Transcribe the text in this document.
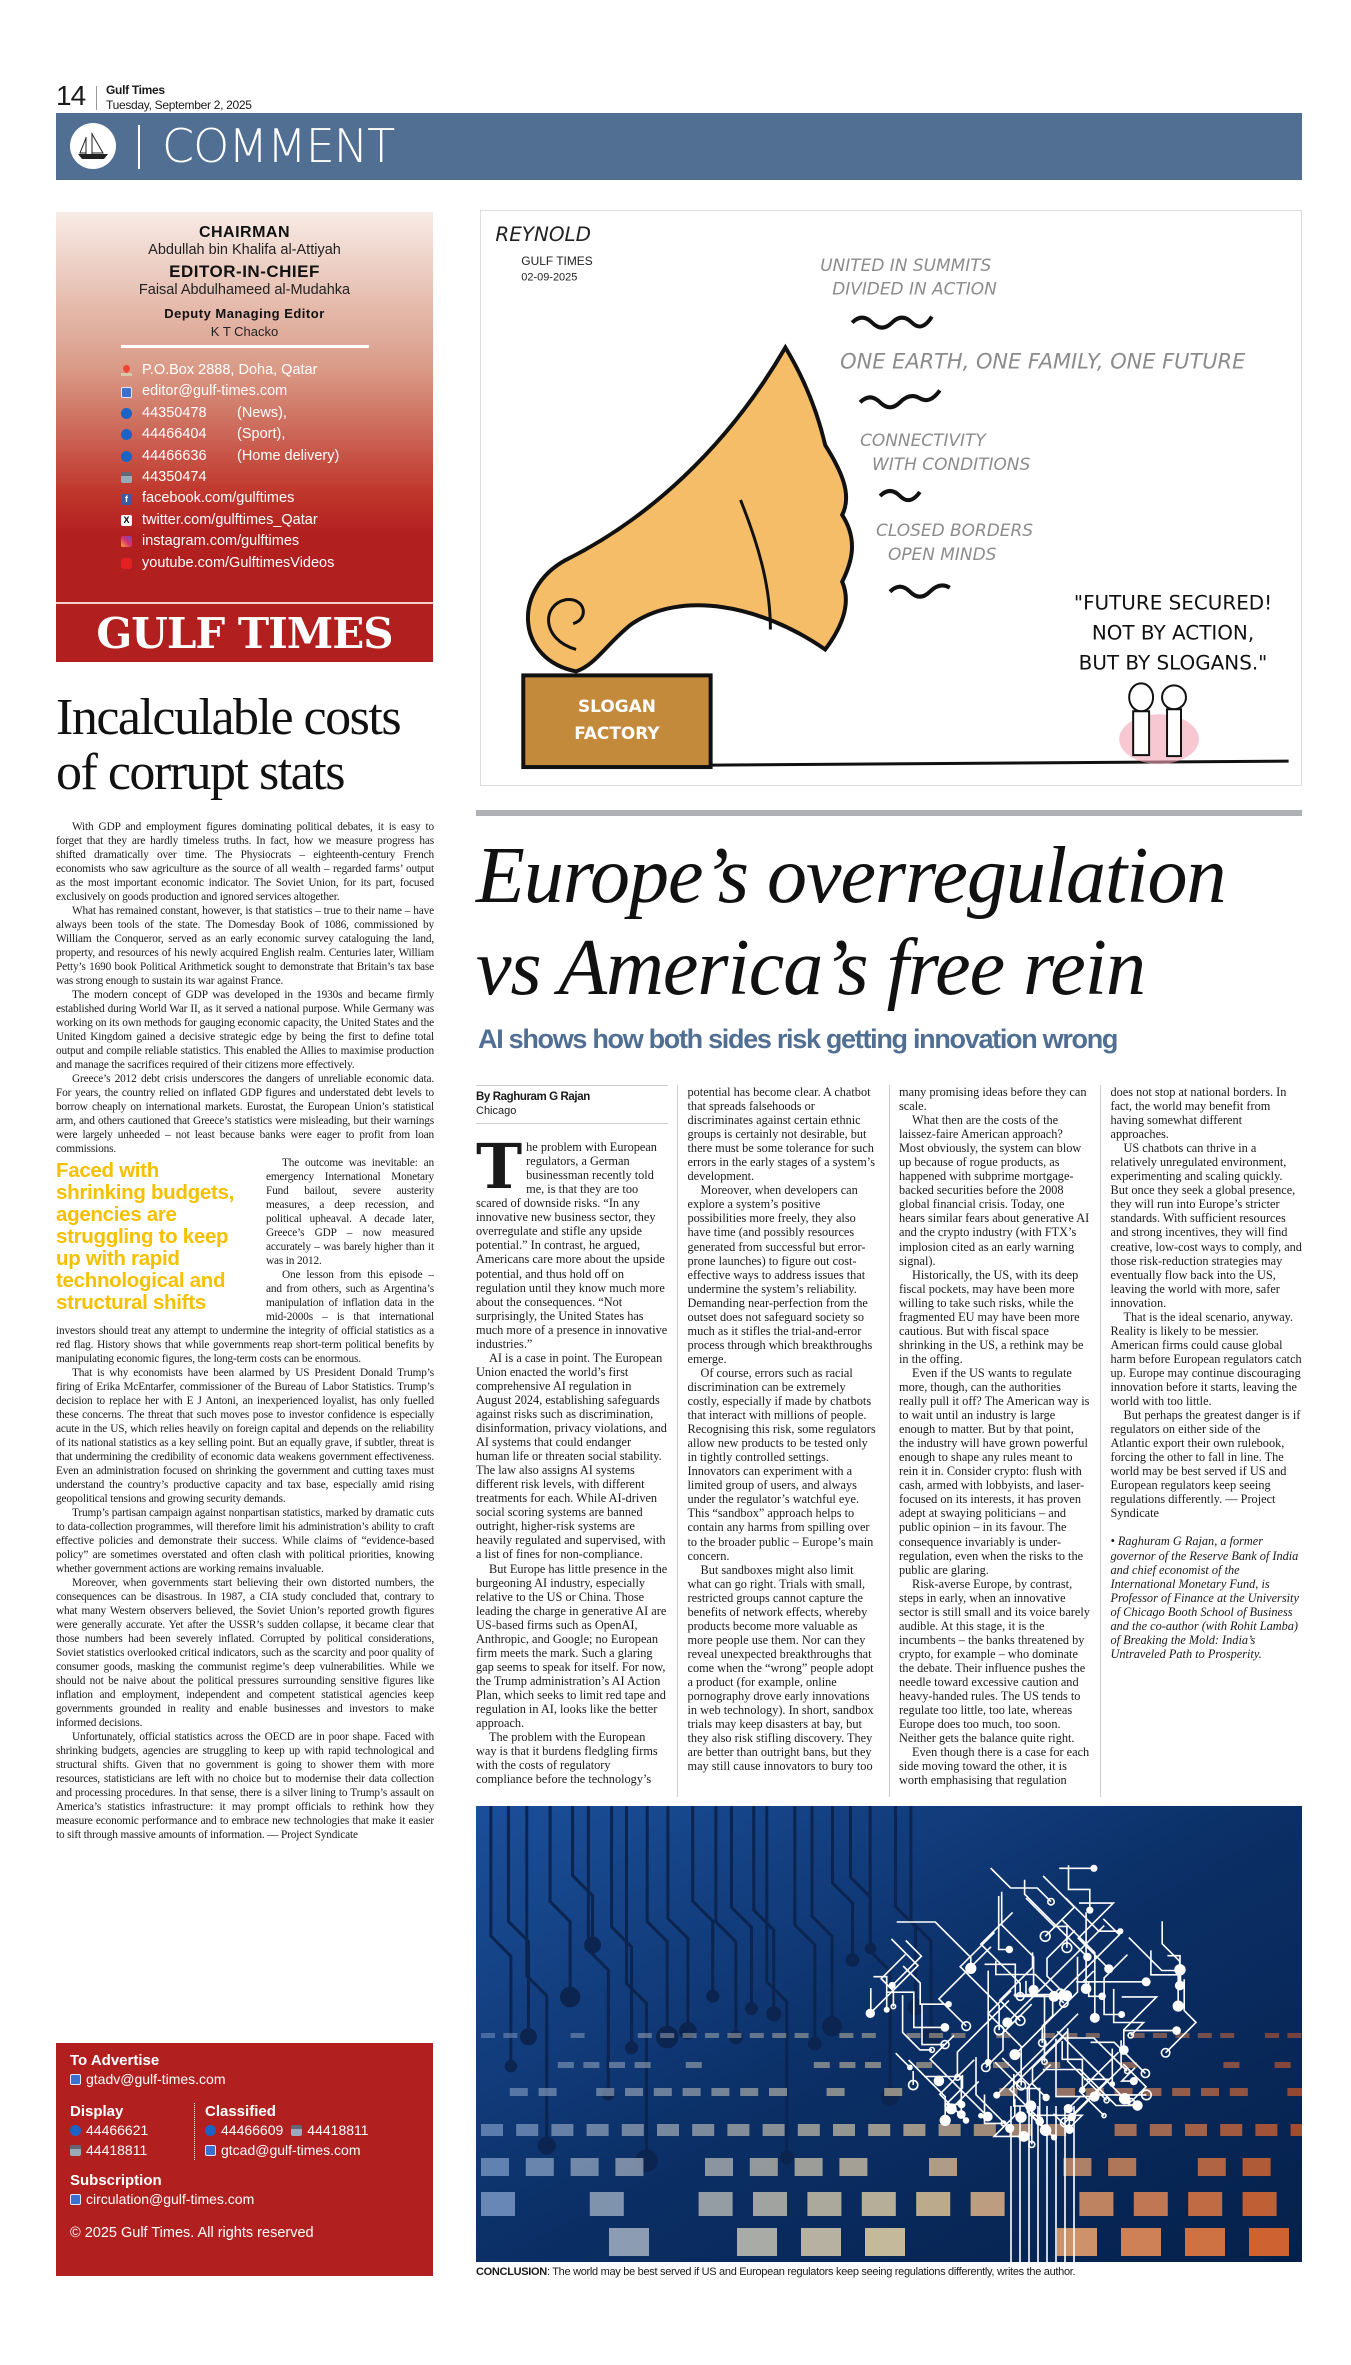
14 Gulf Times
Tuesday, September 2, 2025
COMMENT
CHAIRMAN
Abdullah bin Khalifa al-Attiyah
EDITOR-IN-CHIEF
Faisal Abdulhameed al-Mudahka
Deputy Managing Editor
K T Chacko
P.O.Box 2888, Doha, Qatar
editor@gulf-times.com
44350478	(News),
44466404	(Sport),
44466636	(Home delivery)
44350474
f facebook.com/gulftimes
X twitter.com/gulftimes_Qatar
instagram.com/gulftimes
youtube.com/GulftimesVideos
GULF TIMES
Incalculable costs of corrupt stats

With GDP and employment figures dominating political debates, it is easy to forget that they are hardly timeless truths. In fact, how we measure progress has shifted dramatically over time. The Physiocrats – eighteenth-century French economists who saw agriculture as the source of all wealth – regarded farms’ output as the most important economic indicator. The Soviet Union, for its part, focused exclusively on goods production and ignored services altogether.

What has remained constant, however, is that statistics – true to their name – have always been tools of the state. The Domesday Book of 1086, commissioned by William the Conqueror, served as an early economic survey cataloguing the land, property, and resources of his newly acquired English realm. Centuries later, William Petty’s 1690 book Political Arithmetick sought to demonstrate that Britain’s tax base was strong enough to sustain its war against France.

The modern concept of GDP was developed in the 1930s and became firmly established during World War II, as it served a national purpose. While Germany was working on its own methods for gauging economic capacity, the United States and the United Kingdom gained a decisive strategic edge by being the first to define total output and compile reliable statistics. This enabled the Allies to maximise production and manage the sacrifices required of their citizens more effectively.

Greece’s 2012 debt crisis underscores the dangers of unreliable economic data. For years, the country relied on inflated GDP figures and understated debt levels to borrow cheaply on international markets. Eurostat, the European Union’s statistical arm, and others cautioned that Greece’s statistics were misleading, but their warnings were largely unheeded – not least because banks were eager to profit from loan commissions.

Faced with shrinking budgets, agencies are struggling to keep up with rapid technological and structural shifts

The outcome was inevitable: an emergency International Monetary Fund bailout, severe austerity measures, a deep recession, and political upheaval. A decade later, Greece’s GDP – now measured accurately – was barely higher than it was in 2012.

One lesson from this episode – and from others, such as Argentina’s manipulation of inflation data in the mid-2000s – is that international investors should treat any attempt to undermine the integrity of official statistics as a red flag. History shows that while governments reap short-term political benefits by manipulating economic figures, the long-term costs can be enormous.

That is why economists have been alarmed by US President Donald Trump’s firing of Erika McEntarfer, commissioner of the Bureau of Labor Statistics. Trump’s decision to replace her with E J Antoni, an inexperienced loyalist, has only fuelled these concerns. The threat that such moves pose to investor confidence is especially acute in the US, which relies heavily on foreign capital and depends on the reliability of its national statistics as a key selling point. But an equally grave, if subtler, threat is that undermining the credibility of economic data weakens government effectiveness. Even an administration focused on shrinking the government and cutting taxes must understand the country’s productive capacity and tax base, especially amid rising geopolitical tensions and growing security demands.

Trump’s partisan campaign against nonpartisan statistics, marked by dramatic cuts to data-collection programmes, will therefore limit his administration’s ability to craft effective policies and demonstrate their success. While claims of “evidence-based policy” are sometimes overstated and often clash with political priorities, knowing whether government actions are working remains invaluable.

Moreover, when governments start believing their own distorted numbers, the consequences can be disastrous. In 1987, a CIA study concluded that, contrary to what many Western observers believed, the Soviet Union’s reported growth figures were generally accurate. Yet after the USSR’s sudden collapse, it became clear that those numbers had been severely inflated. Corrupted by political considerations, Soviet statistics overlooked critical indicators, such as the scarcity and poor quality of consumer goods, masking the communist regime’s deep vulnerabilities. While we should not be naive about the political pressures surrounding sensitive figures like inflation and employment, independent and competent statistical agencies keep governments grounded in reality and enable businesses and investors to make informed decisions.

Unfortunately, official statistics across the OECD are in poor shape. Faced with shrinking budgets, agencies are struggling to keep up with rapid technological and structural shifts. Given that no government is going to shower them with more resources, statisticians are left with no choice but to modernise their data collection and processing procedures. In that sense, there is a silver lining to Trump’s assault on America’s statistics infrastructure: it may prompt officials to rethink how they measure economic performance and to embrace new technologies that make it easier to sift through massive amounts of information. — Project Syndicate

To Advertise
gtadv@gulf-times.com
Display
44466621
44418811
Classified
44466609 44418811
gtcad@gulf-times.com
Subscription
circulation@gulf-times.com
© 2025 Gulf Times. All rights reserved
REYNOLD
GULF TIMES
02-09-2025
UNITED IN SUMMITS
DIVIDED IN ACTION
ONE EARTH, ONE FAMILY, ONE FUTURE
CONNECTIVITY
WITH CONDITIONS
CLOSED BORDERS
OPEN MINDS
SLOGAN
FACTORY
"FUTURE SECURED!
NOT BY ACTION,
BUT BY SLOGANS."
Europe’s overregulation
vs America’s free rein
AI shows how both sides risk getting innovation wrong
By Raghuram G Rajan
Chicago

The problem with European regulators, a German businessman recently told me, is that they are too scared of downside risks. “In any innovative new business sector, they overregulate and stifle any upside potential.” In contrast, he argued, Americans care more about the upside potential, and thus hold off on regulation until they know much more about the consequences. “Not surprisingly, the United States has much more of a presence in innovative industries.”

AI is a case in point. The European Union enacted the world’s first comprehensive AI regulation in August 2024, establishing safeguards against risks such as discrimination, disinformation, privacy violations, and AI systems that could endanger human life or threaten social stability. The law also assigns AI systems different risk levels, with different treatments for each. While AI-driven social scoring systems are banned outright, higher-risk systems are heavily regulated and supervised, with a list of fines for non-compliance.

But Europe has little presence in the burgeoning AI industry, especially relative to the US or China. Those leading the charge in generative AI are US-based firms such as OpenAI, Anthropic, and Google; no European firm meets the mark. Such a glaring gap seems to speak for itself. For now, the Trump administration’s AI Action Plan, which seeks to limit red tape and regulation in AI, looks like the better approach.

The problem with the European way is that it burdens fledgling firms with the costs of regulatory compliance before the technology’s potential has become clear. A chatbot that spreads falsehoods or discriminates against certain ethnic groups is certainly not desirable, but there must be some tolerance for such errors in the early stages of a system’s development.

Moreover, when developers can explore a system’s positive possibilities more freely, they also have time (and possibly resources generated from successful but error-prone launches) to figure out cost-effective ways to address issues that undermine the system’s reliability. Demanding near-perfection from the outset does not safeguard society so much as it stifles the trial-and-error process through which breakthroughs emerge.

Of course, errors such as racial discrimination can be extremely costly, especially if made by chatbots that interact with millions of people. Recognising this risk, some regulators allow new products to be tested only in tightly controlled settings. Innovators can experiment with a limited group of users, and always under the regulator’s watchful eye. This “sandbox” approach helps to contain any harms from spilling over to the broader public – Europe’s main concern.

But sandboxes might also limit what can go right. Trials with small, restricted groups cannot capture the benefits of network effects, whereby products become more valuable as more people use them. Nor can they reveal unexpected breakthroughs that come when the “wrong” people adopt a product (for example, online pornography drove early innovations in web technology). In short, sandbox trials may keep disasters at bay, but they also risk stifling discovery. They are better than outright bans, but they may still cause innovators to bury too many promising ideas before they can scale.

What then are the costs of the laissez-faire American approach? Most obviously, the system can blow up because of rogue products, as happened with subprime mortgage-backed securities before the 2008 global financial crisis. Today, one hears similar fears about generative AI and the crypto industry (with FTX’s implosion cited as an early warning signal).

Historically, the US, with its deep fiscal pockets, may have been more willing to take such risks, while the fragmented EU may have been more cautious. But with fiscal space shrinking in the US, a rethink may be in the offing.

Even if the US wants to regulate more, though, can the authorities really pull it off? The American way is to wait until an industry is large enough to matter. But by that point, the industry will have grown powerful enough to shape any rules meant to rein it in. Consider crypto: flush with cash, armed with lobbyists, and laser-focused on its interests, it has proven adept at swaying politicians – and public opinion – in its favour. The consequence invariably is under-regulation, even when the risks to the public are glaring.

Risk-averse Europe, by contrast, steps in early, when an innovative sector is still small and its voice barely audible. At this stage, it is the incumbents – the banks threatened by crypto, for example – who dominate the debate. Their influence pushes the needle toward excessive caution and heavy-handed rules. The US tends to regulate too little, too late, whereas Europe does too much, too soon. Neither gets the balance quite right.

Even though there is a case for each side moving toward the other, it is worth emphasising that regulation does not stop at national borders. In fact, the world may benefit from having somewhat different approaches.

US chatbots can thrive in a relatively unregulated environment, experimenting and scaling quickly. But once they seek a global presence, they will run into Europe’s stricter standards. With sufficient resources and strong incentives, they will find creative, low-cost ways to comply, and those risk-reduction strategies may eventually flow back into the US, leaving the world with more, safer innovation.

That is the ideal scenario, anyway. Reality is likely to be messier. American firms could cause global harm before European regulators catch up. Europe may continue discouraging innovation before it starts, leaving the world with too little.

But perhaps the greatest danger is if regulators on either side of the Atlantic export their own rulebook, forcing the other to fall in line. The world may be best served if US and European regulators keep seeing regulations differently. — Project Syndicate

• Raghuram G Rajan, a former governor of the Reserve Bank of India and chief economist of the International Monetary Fund, is Professor of Finance at the University of Chicago Booth School of Business and the co-author (with Rohit Lamba) of Breaking the Mold: India’s Untraveled Path to Prosperity.
CONCLUSION: The world may be best served if US and European regulators keep seeing regulations differently, writes the author.
